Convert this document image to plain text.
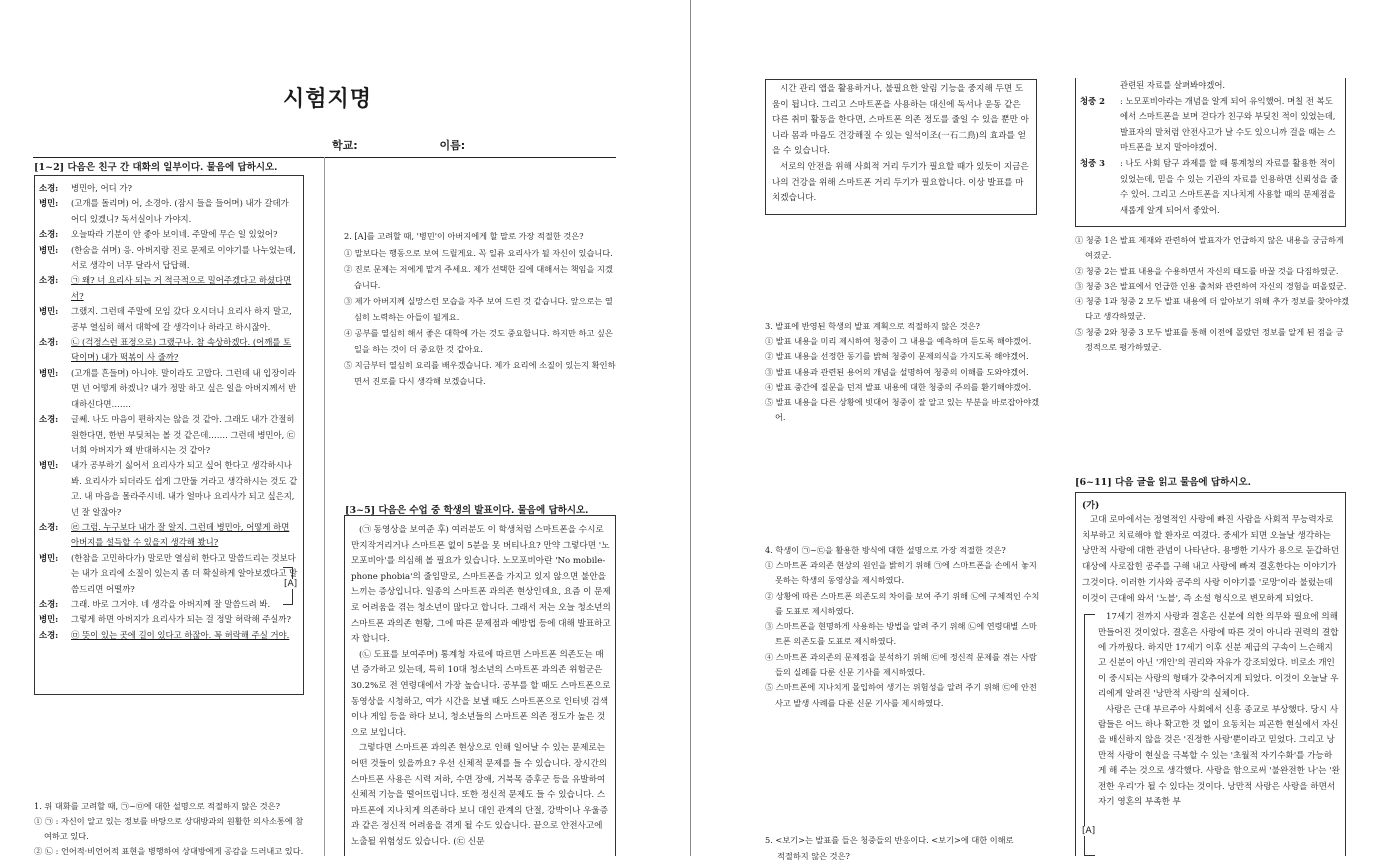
시험지명
학교:	이름:
[1~2] 다음은 친구 간 대화의 일부이다. 물음에 답하시오.
소경:	병민아, 어디 가?
병민:	(고개를 돌리며) 어, 소경아. (잠시 들을 들어며) 내가 갈데가 어디 있겠니? 독서실이나 가야지.
소경:	오늘따라 기분이 안 좋아 보이네. 주말에 무슨 일 있었어?
병민:	(한숨을 쉬며) 응. 아버지랑 진로 문제로 이야기를 나누었는데, 서로 생각이 너무 달라서 답답해.
소경:	㉠ 왜? 너 요리사 되는 거 적극적으로 밀어주겠다고 하셨다면서?
병민:	그랬지. 그런데 주말에 모임 갔다 오시더니 요리사 하지 말고, 공부 열심히 해서 대학에 갈 생각이나 하라고 하시잖아.
소경:	㉡ (걱정스런 표정으로) 그랬구나. 참 속상하겠다. (어깨를 토닥이며) 내가 떡볶이 사 줄까?
병민:	(고개를 흔들며) 아니야. 말이라도 고맙다. 그런데 내 입장이라면 넌 어떻게 하겠니? 내가 정말 하고 싶은 일을 아버지께서 반대하신다면…….
소경:	글쎄. 나도 마음이 편하지는 않을 것 같아. 그래도 내가 간절히 원한다면, 한번 부딪쳐는 볼 것 같은데……. 그런데 병민아, ㉢ 너희 아버지가 왜 반대하시는 것 같아?
병민:	내가 공부하기 싫어서 요리사가 되고 싶어 한다고 생각하시나 봐. 요리사가 되더라도 쉽게 그만둘 거라고 생각하시는 것도 같고. 내 마음을 몰라주시네. 내가 얼마나 요리사가 되고 싶은지, 넌 잘 알잖아?
소경:	㉣ 그럼. 누구보다 내가 잘 알지. 그런데 병민아, 어떻게 하면 아버지를 설득할 수 있을지 생각해 봤니?
병민:	(한참을 고민하다가) 말로만 열심히 한다고 말씀드리는 것보다는 내가 요리에 소질이 있는지 좀 더 확실하게 알아보겠다고 말씀드리면 어떨까?
소경:	그래. 바로 그거야. 네 생각을 아버지께 잘 말씀드려 봐.
병민:	그렇게 하면 아버지가 요리사가 되는 걸 정말 허락해 주실까?
소경:	㉤ 뜻이 있는 곳에 길이 있다고 하잖아. 꼭 허락해 주실 거야.
[A]
1. 위 대화를 고려할 때, ㉠~㉤에 대한 설명으로 적절하지 않은 것은?
① ㉠ : 자신이 알고 있는 정보를 바탕으로 상대방과의 원활한 의사소통에 참여하고 있다.
② ㉡ : 언어적·비언어적 표현을 병행하여 상대방에게 공감을 드러내고 있다.
2. [A]를 고려할 때, '병민'이 아버지에게 할 말로 가장 적절한 것은?
① 말보다는 행동으로 보여 드릴게요. 꼭 일류 요리사가 될 자신이 있습니다.
② 진로 문제는 저에게 맡겨 주세요. 제가 선택한 길에 대해서는 책임을 지겠습니다.
③ 제가 아버지께 실망스런 모습을 자주 보여 드린 것 같습니다. 앞으로는 열심히 노력하는 아들이 될게요.
④ 공부를 열심히 해서 좋은 대학에 가는 것도 중요합니다. 하지만 하고 싶은 일을 하는 것이 더 중요한 것 같아요.
⑤ 지금부터 열심히 요리를 배우겠습니다. 제가 요리에 소질이 있는지 확인하면서 진로를 다시 생각해 보겠습니다.
[3~5] 다음은 수업 중 학생의 발표이다. 물음에 답하시오.

(㉠ 동영상을 보여준 후) 여러분도 이 학생처럼 스마트폰을 수시로 만지작거리거나 스마트폰 없이 5분을 못 버티나요? 만약 그렇다면 '노모포비아'를 의심해 볼 필요가 있습니다. 노모포비아란 'No mobile-phone phobia'의 줄임말로, 스마트폰을 가지고 있지 않으면 불안을 느끼는 증상입니다. 일종의 스마트폰 과의존 현상인데요, 요즘 이 문제로 어려움을 겪는 청소년이 많다고 합니다. 그래서 저는 오늘 청소년의 스마트폰 과의존 현황, 그에 따른 문제점과 예방법 등에 대해 발표하고자 합니다.

(㉡ 도표를 보여주며) 통계청 자료에 따르면 스마트폰 의존도는 매년 증가하고 있는데, 특히 10대 청소년의 스마트폰 과의존 위험군은 30.2%로 전 연령대에서 가장 높습니다. 공부를 할 때도 스마트폰으로 동영상을 시청하고, 여가 시간을 보낼 때도 스마트폰으로 인터넷 검색이나 게임 등을 하다 보니, 청소년들의 스마트폰 의존 정도가 높은 것으로 보입니다.

그렇다면 스마트폰 과의존 현상으로 인해 일어날 수 있는 문제로는 어떤 것들이 있을까요? 우선 신체적 문제를 들 수 있습니다. 장시간의 스마트폰 사용은 시력 저하, 수면 장애, 거북목 증후군 등을 유발하여 신체적 기능을 떨어뜨립니다. 또한 정신적 문제도 들 수 있습니다. 스마트폰에 지나치게 의존하다 보니 대인 관계의 단절, 강박이나 우울증과 같은 정신적 어려움을 겪게 될 수도 있습니다. 끝으로 안전사고에 노출될 위험성도 있습니다. (㉢ 신문

시간 관리 앱을 활용하거나, 불필요한 알림 기능을 중지해 두면 도움이 됩니다. 그리고 스마트폰을 사용하는 대신에 독서나 운동 같은 다른 취미 활동을 한다면, 스마트폰 의존 정도를 줄일 수 있을 뿐만 아니라 몸과 마음도 건강해질 수 있는 일석이조(一石二鳥)의 효과를 얻을 수 있습니다.

서로의 안전을 위해 사회적 거리 두기가 필요할 때가 있듯이 지금은 나의 건강을 위해 스마트폰 거리 두기가 필요합니다. 이상 발표를 마치겠습니다.

3. 발표에 반영된 학생의 발표 계획으로 적절하지 않은 것은?
① 발표 내용을 미리 제시하여 청중이 그 내용을 예측하며 듣도록 해야겠어.
② 발표 내용을 선정한 동기를 밝혀 청중이 문제의식을 가지도록 해야겠어.
③ 발표 내용과 관련된 용어의 개념을 설명하여 청중의 이해를 도와야겠어.
④ 발표 중간에 질문을 던져 발표 내용에 대한 청중의 주의를 환기해야겠어.
⑤ 발표 내용을 다른 상황에 빗대어 청중이 잘 알고 있는 부분을 바로잡아야겠어.
4. 학생이 ㉠~㉢을 활용한 방식에 대한 설명으로 가장 적절한 것은?
① 스마트폰 과의존 현상의 원인을 밝히기 위해 ㉠에 스마트폰을 손에서 놓지 못하는 학생의 동영상을 제시하였다.
② 상황에 따른 스마트폰 의존도의 차이를 보여 주기 위해 ㉡에 구체적인 수치를 도표로 제시하였다.
③ 스마트폰을 현명하게 사용하는 방법을 알려 주기 위해 ㉡에 연령대별 스마트폰 의존도를 도표로 제시하였다.
④ 스마트폰 과의존의 문제점을 분석하기 위해 ㉢에 정신적 문제를 겪는 사람들의 실례를 다룬 신문 기사를 제시하였다.
⑤ 스마트폰에 지나치게 몰입하여 생기는 위험성을 알려 주기 위해 ㉢에 안전사고 발생 사례를 다룬 신문 기사를 제시하였다.
5. <보기>는 발표를 들은 청중들의 반응이다. <보기>에 대한 이해로
적절하지 않은 것은?
관련된 자료를 살펴봐야겠어.
청중 2	: 노모포비아라는 개념을 알게 되어 유익했어. 며칠 전 복도에서 스마트폰을 보며 걷다가 친구와 부딪친 적이 있었는데, 발표자의 말처럼 안전사고가 날 수도 있으니까 걸을 때는 스마트폰을 보지 말아야겠어.
청중 3	: 나도 사회 탐구 과제를 할 때 통계청의 자료를 활용한 적이 있었는데, 믿을 수 있는 기관의 자료를 인용하면 신뢰성을 줄 수 있어. 그리고 스마트폰을 지나치게 사용할 때의 문제점을 새롭게 알게 되어서 좋았어.
① 청중 1은 발표 제재와 관련하여 발표자가 언급하지 않은 내용을 궁금하게 여겼군.
② 청중 2는 발표 내용을 수용하면서 자신의 태도를 바꿀 것을 다짐하였군.
③ 청중 3은 발표에서 언급한 인용 출처와 관련하여 자신의 경험을 떠올렸군.
④ 청중 1과 청중 2 모두 발표 내용에 더 알아보기 위해 추가 정보를 찾아야겠다고 생각하였군.
⑤ 청중 2와 청중 3 모두 발표를 통해 이전에 몰랐던 정보를 알게 된 점을 긍정적으로 평가하였군.
[6~11] 다음 글을 읽고 물음에 답하시오.
(가)

고대 로마에서는 정열적인 사랑에 빠진 사람을 사회적 무능력자로 치부하고 치료해야 할 환자로 여겼다. 중세가 되면 오늘날 생각하는 낭만적 사랑에 대한 관념이 나타난다. 용맹한 기사가 용으로 둔갑하던 대상에 사로잡힌 공주를 구해 내고 사랑에 빠져 결혼한다는 이야기가 그것이다. 이러한 기사와 공주의 사랑 이야기를 '로망'이라 불렀는데 이것이 근대에 와서 '노블', 즉 소설 형식으로 변모하게 되었다.

17세기 전까지 사랑과 결혼은 신분에 의한 의무와 필요에 의해 만들어진 것이었다. 결혼은 사랑에 따른 것이 아니라 권력의 결합에 가까웠다. 하지만 17세기 이후 신분 제급의 구속이 느슨해지고 신분이 아닌 '개인'의 권리와 자유가 강조되었다. 비로소 개인이 중시되는 사랑의 형태가 갖추어지게 되었다. 이것이 오늘날 우리에게 알려진 '낭만적 사랑'의 실체이다.

사랑은 근대 부르주아 사회에서 신흥 종교로 부상했다. 당시 사람들은 어느 하나 확고한 것 없이 요동치는 피곤한 현실에서 자신을 배신하지 않을 것은 '진정한 사랑'뿐이라고 믿었다. 그리고 낭만적 사랑이 현실을 극복할 수 있는 '초월적 자기수화'를 가능하게 해 주는 것으로 생각했다. 사랑을 함으로써 '불완전한 나'는 '완전한 우리'가 될 수 있다는 것이다. 낭만적 사랑은 사랑을 하면서 자기 영혼의 부족한 부

[A]
